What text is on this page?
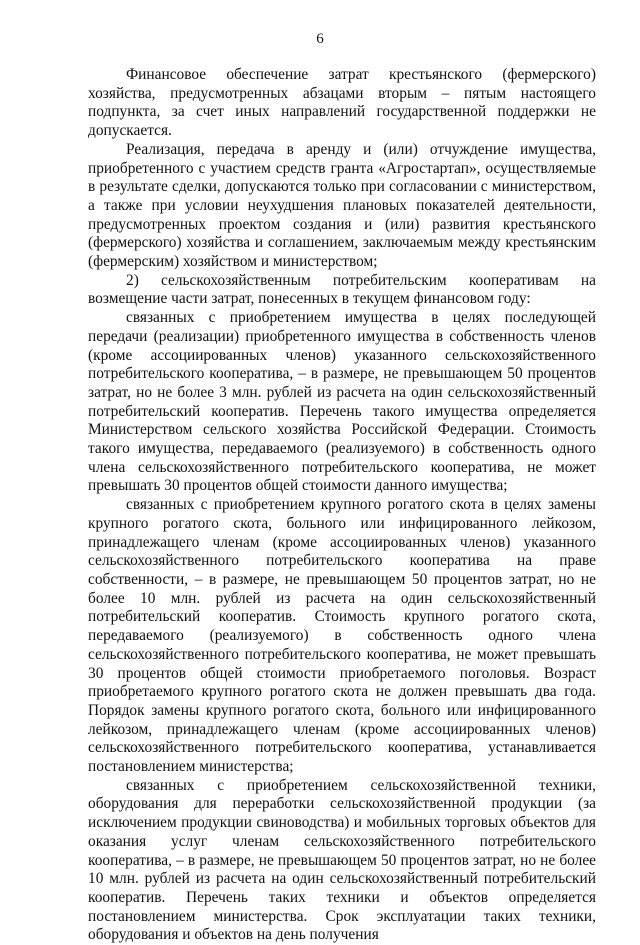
6

Финансовое обеспечение затрат крестьянского (фермерского) хозяйства, предусмотренных абзацами вторым – пятым настоящего подпункта, за счет иных направлений государственной поддержки не допускается.

Реализация, передача в аренду и (или) отчуждение имущества, приобретенного с участием средств гранта «Агростартап», осуществляемые в результате сделки, допускаются только при согласовании с министерством, а также при условии неухудшения плановых показателей деятельности, предусмотренных проектом создания и (или) развития крестьянского (фермерского) хозяйства и соглашением, заключаемым между крестьянским (фермерским) хозяйством и министерством;

2) сельскохозяйственным потребительским кооперативам на возмещение части затрат, понесенных в текущем финансовом году:

связанных с приобретением имущества в целях последующей передачи (реализации) приобретенного имущества в собственность членов (кроме ассоциированных членов) указанного сельскохозяйственного потребительского кооператива, – в размере, не превышающем 50 процентов затрат, но не более 3 млн. рублей из расчета на один сельскохозяйственный потребительский кооператив. Перечень такого имущества определяется Министерством сельского хозяйства Российской Федерации. Стоимость такого имущества, передаваемого (реализуемого) в собственность одного члена сельскохозяйственного потребительского кооператива, не может превышать 30 процентов общей стоимости данного имущества;

связанных с приобретением крупного рогатого скота в целях замены крупного рогатого скота, больного или инфицированного лейкозом, принадлежащего членам (кроме ассоциированных членов) указанного сельскохозяйственного потребительского кооператива на праве собственности, – в размере, не превышающем 50 процентов затрат, но не более 10 млн. рублей из расчета на один сельскохозяйственный потребительский кооператив. Стоимость крупного рогатого скота, передаваемого (реализуемого) в собственность одного члена сельскохозяйственного потребительского кооператива, не может превышать 30 процентов общей стоимости приобретаемого поголовья. Возраст приобретаемого крупного рогатого скота не должен превышать два года. Порядок замены крупного рогатого скота, больного или инфицированного лейкозом, принадлежащего членам (кроме ассоциированных членов) сельскохозяйственного потребительского кооператива, устанавливается постановлением министерства;

связанных с приобретением сельскохозяйственной техники, оборудования для переработки сельскохозяйственной продукции (за исключением продукции свиноводства) и мобильных торговых объектов для оказания услуг членам сельскохозяйственного потребительского кооператива, – в размере, не превышающем 50 процентов затрат, но не более 10 млн. рублей из расчета на один сельскохозяйственный потребительский кооператив. Перечень таких техники и объектов определяется постановлением министерства. Срок эксплуатации таких техники, оборудования и объектов на день получения
